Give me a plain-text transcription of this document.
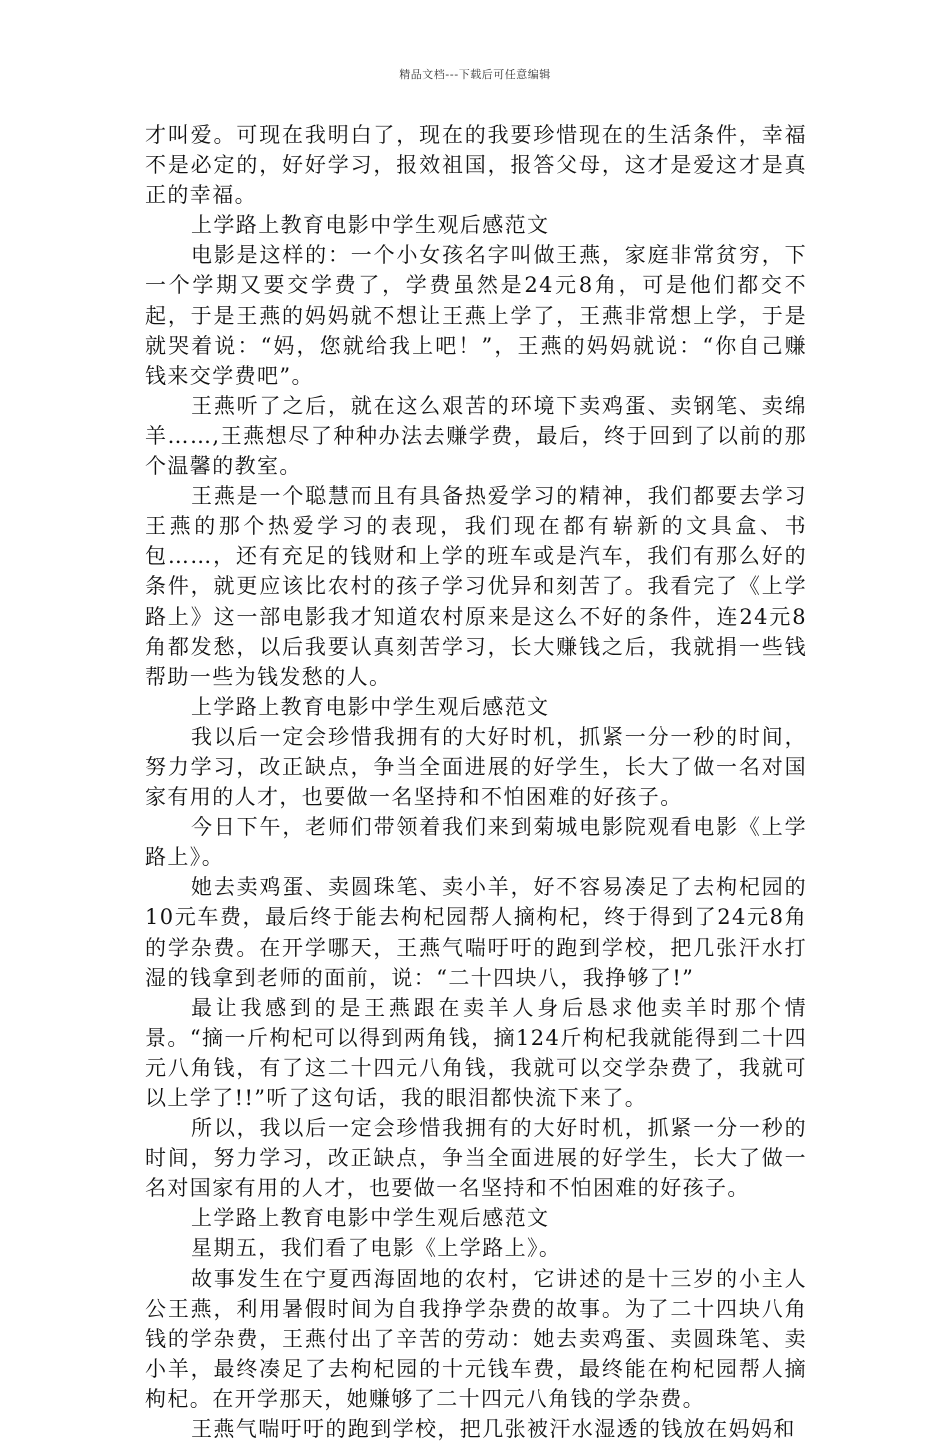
精品文档---下载后可任意编辑

才叫爱。可现在我明白了，现在的我要珍惜现在的生活条件，幸福不是必定的，好好学习，报效祖国，报答父母，这才是爱这才是真正的幸福。

上学路上教育电影中学生观后感范文

电影是这样的：一个小女孩名字叫做王燕，家庭非常贫穷，下一个学期又要交学费了，学费虽然是24元8角，可是他们都交不起，于是王燕的妈妈就不想让王燕上学了，王燕非常想上学，于是就哭着说：“妈，您就给我上吧！”，王燕的妈妈就说：“你自己赚钱来交学费吧”。

王燕听了之后，就在这么艰苦的环境下卖鸡蛋、卖钢笔、卖绵羊……,王燕想尽了种种办法去赚学费，最后，终于回到了以前的那个温馨的教室。

王燕是一个聪慧而且有具备热爱学习的精神，我们都要去学习王燕的那个热爱学习的表现，我们现在都有崭新的文具盒、书包……，还有充足的钱财和上学的班车或是汽车，我们有那么好的条件，就更应该比农村的孩子学习优异和刻苦了。我看完了《上学路上》这一部电影我才知道农村原来是这么不好的条件，连24元8角都发愁，以后我要认真刻苦学习，长大赚钱之后，我就捐一些钱帮助一些为钱发愁的人。

上学路上教育电影中学生观后感范文

我以后一定会珍惜我拥有的大好时机，抓紧一分一秒的时间，努力学习，改正缺点，争当全面进展的好学生，长大了做一名对国家有用的人才，也要做一名坚持和不怕困难的好孩子。

今日下午，老师们带领着我们来到菊城电影院观看电影《上学路上》。

她去卖鸡蛋、卖圆珠笔、卖小羊，好不容易凑足了去枸杞园的10元车费，最后终于能去枸杞园帮人摘枸杞，终于得到了24元8角的学杂费。在开学哪天，王燕气喘吁吁的跑到学校，把几张汗水打湿的钱拿到老师的面前，说：“二十四块八，我挣够了!”

最让我感到的是王燕跟在卖羊人身后恳求他卖羊时那个情景。“摘一斤枸杞可以得到两角钱，摘124斤枸杞我就能得到二十四元八角钱，有了这二十四元八角钱，我就可以交学杂费了，我就可以上学了!!”听了这句话，我的眼泪都快流下来了。

所以，我以后一定会珍惜我拥有的大好时机，抓紧一分一秒的时间，努力学习，改正缺点，争当全面进展的好学生，长大了做一名对国家有用的人才，也要做一名坚持和不怕困难的好孩子。

上学路上教育电影中学生观后感范文

星期五，我们看了电影《上学路上》。

故事发生在宁夏西海固地的农村，它讲述的是十三岁的小主人公王燕，利用暑假时间为自我挣学杂费的故事。为了二十四块八角钱的学杂费，王燕付出了辛苦的劳动：她去卖鸡蛋、卖圆珠笔、卖小羊，最终凑足了去枸杞园的十元钱车费，最终能在枸杞园帮人摘枸杞。在开学那天，她赚够了二十四元八角钱的学杂费。

王燕气喘吁吁的跑到学校，把几张被汗水湿透的钱放在妈妈和
